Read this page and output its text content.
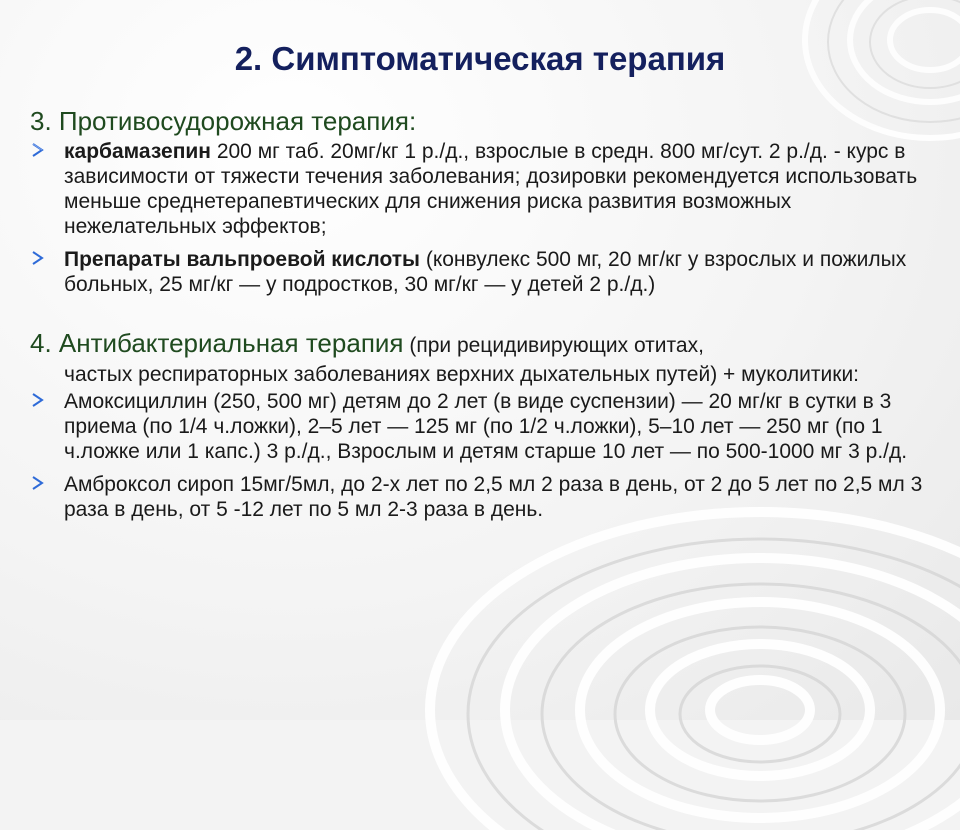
2. Симптоматическая терапия
3. Противосудорожная терапия:
карбамазепин 200 мг таб. 20мг/кг 1 р./д., взрослые в средн. 800 мг/сут. 2 р./д. - курс в зависимости от тяжести течения заболевания; дозировки рекомендуется использовать меньше среднетерапевтических для снижения риска развития возможных нежелательных эффектов;
Препараты вальпроевой кислоты (конвулекс 500 мг, 20 мг/кг у взрослых и пожилых больных, 25 мг/кг — у подростков, 30 мг/кг — у детей 2 р./д.)
4. Антибактериальная терапия (при рецидивирующих отитах,
частых респираторных заболеваниях верхних дыхательных путей) + муколитики:
Амоксициллин (250, 500 мг) детям до 2 лет (в виде суспензии) — 20 мг/кг в сутки в 3 приема (по 1/4 ч.ложки), 2–5 лет — 125 мг (по 1/2 ч.ложки), 5–10 лет — 250 мг (по 1 ч.ложке или 1 капс.) 3 р./д., Взрослым и детям старше 10 лет — по 500-1000 мг 3 р./д.
Амброксол сироп 15мг/5мл, до 2-х лет по 2,5 мл 2 раза в день, от 2 до 5 лет по 2,5 мл 3 раза в день, от 5 -12 лет по 5 мл 2-3 раза в день.
